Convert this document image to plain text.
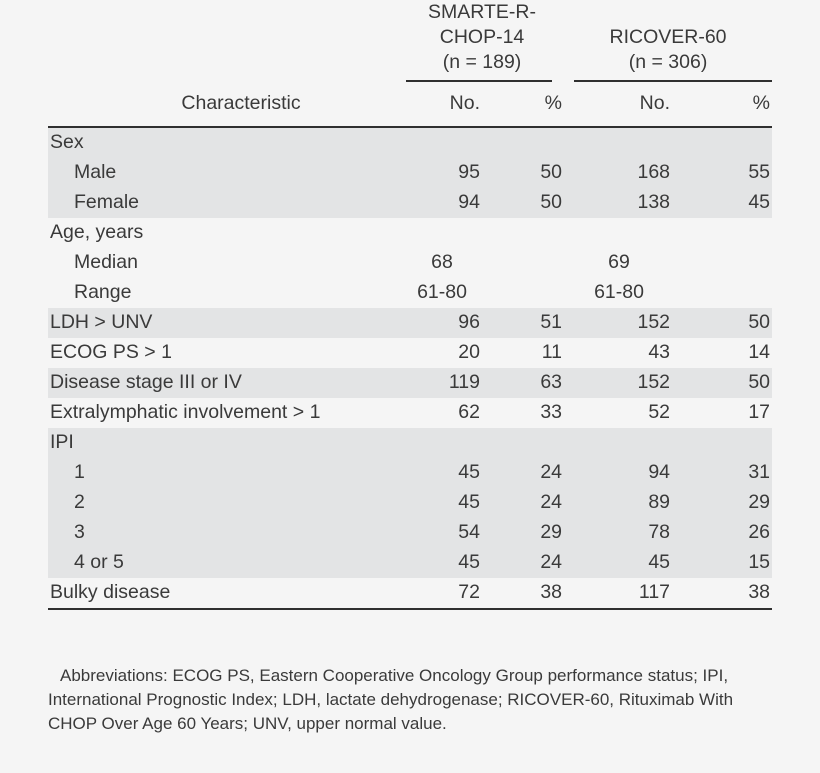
	SMARTE-R-
CHOP-14
(n = 189)		RICOVER-60
(n = 306)	

Characteristic	No.	%	No.	%

Sex				
Male	95	50	168	55
Female	94	50	138	45
Age, years				
Median	68		69	
Range	61-80		61-80	
LDH > UNV	96	51	152	50
ECOG PS > 1	20	11	43	14
Disease stage III or IV	119	63	152	50
Extralymphatic involvement > 1	62	33	52	17
IPI				
1	45	24	94	31
2	45	24	89	29
3	54	29	78	26
4 or 5	45	24	45	15
Bulky disease	72	38	117	38

Abbreviations: ECOG PS, Eastern Cooperative Oncology Group performance status; IPI, International Prognostic Index; LDH, lactate dehydrogenase; RICOVER-60, Rituximab With CHOP Over Age 60 Years; UNV, upper normal value.
